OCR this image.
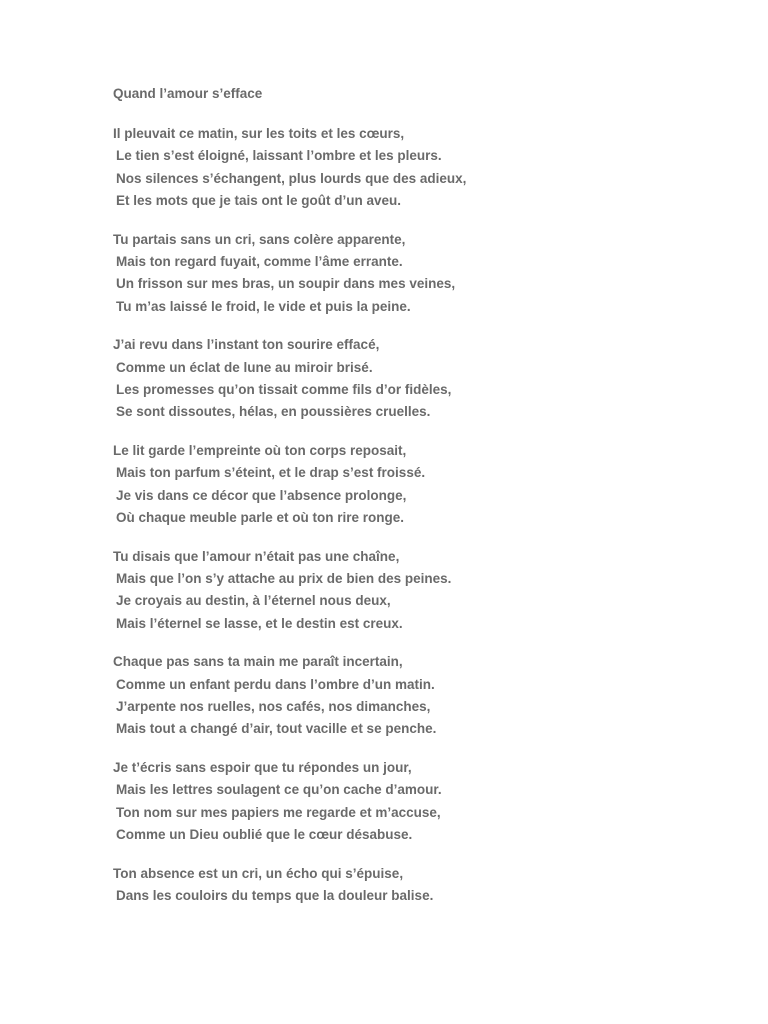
Quand l’amour s’efface
Il pleuvait ce matin, sur les toits et les cœurs,
Le tien s’est éloigné, laissant l’ombre et les pleurs.
Nos silences s’échangent, plus lourds que des adieux,
Et les mots que je tais ont le goût d’un aveu.
Tu partais sans un cri, sans colère apparente,
Mais ton regard fuyait, comme l’âme errante.
Un frisson sur mes bras, un soupir dans mes veines,
Tu m’as laissé le froid, le vide et puis la peine.
J’ai revu dans l’instant ton sourire effacé,
Comme un éclat de lune au miroir brisé.
Les promesses qu’on tissait comme fils d’or fidèles,
Se sont dissoutes, hélas, en poussières cruelles.
Le lit garde l’empreinte où ton corps reposait,
Mais ton parfum s’éteint, et le drap s’est froissé.
Je vis dans ce décor que l’absence prolonge,
Où chaque meuble parle et où ton rire ronge.
Tu disais que l’amour n’était pas une chaîne,
Mais que l’on s’y attache au prix de bien des peines.
Je croyais au destin, à l’éternel nous deux,
Mais l’éternel se lasse, et le destin est creux.
Chaque pas sans ta main me paraît incertain,
Comme un enfant perdu dans l’ombre d’un matin.
J’arpente nos ruelles, nos cafés, nos dimanches,
Mais tout a changé d’air, tout vacille et se penche.
Je t’écris sans espoir que tu répondes un jour,
Mais les lettres soulagent ce qu’on cache d’amour.
Ton nom sur mes papiers me regarde et m’accuse,
Comme un Dieu oublié que le cœur désabuse.
Ton absence est un cri, un écho qui s’épuise,
Dans les couloirs du temps que la douleur balise.
